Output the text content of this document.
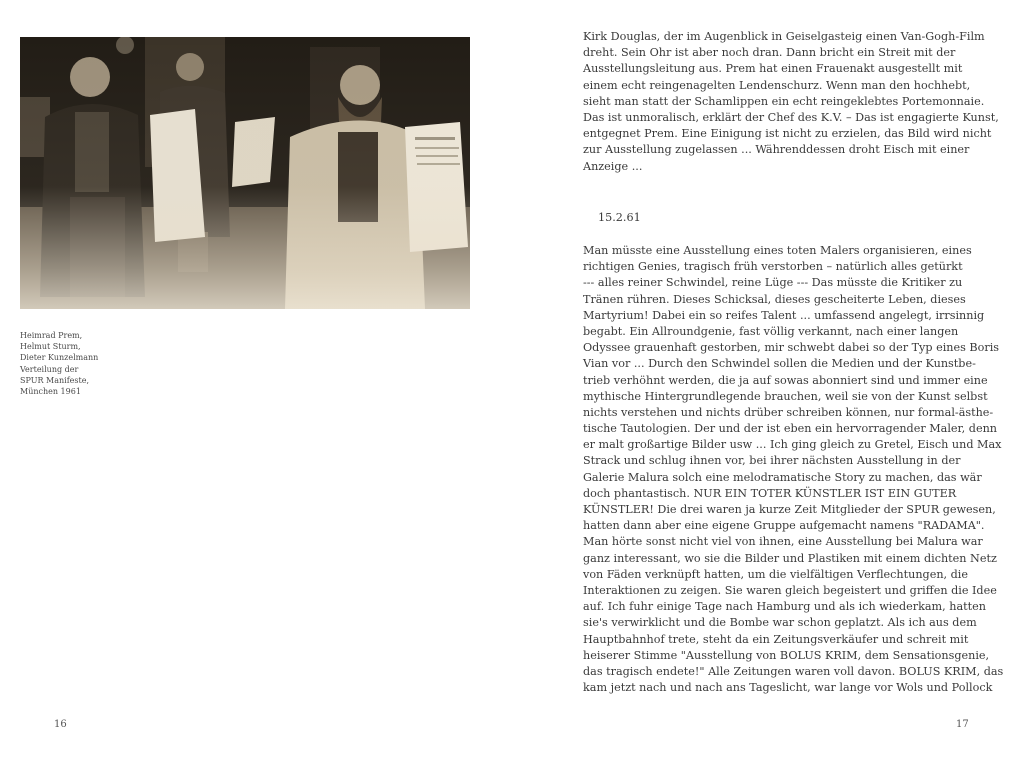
Heimrad Prem,
Helmut Sturm,
Dieter Kunzelmann
Verteilung der
SPUR Manifeste,
München 1961
16
Kirk Douglas, der im Augenblick in Geiselgasteig einen Van-Gogh-Film
dreht. Sein Ohr ist aber noch dran. Dann bricht ein Streit mit der
Ausstellungsleitung aus. Prem hat einen Frauenakt ausgestellt mit
einem echt reingenagelten Lendenschurz. Wenn man den hochhebt,
sieht man statt der Schamlippen ein echt reingeklebtes Portemonnaie.
Das ist unmoralisch, erklärt der Chef des K.V. – Das ist engagierte Kunst,
entgegnet Prem. Eine Einigung ist nicht zu erzielen, das Bild wird nicht
zur Ausstellung zugelassen ... Währenddessen droht Eisch mit einer
Anzeige ...
15.2.61
Man müsste eine Ausstellung eines toten Malers organisieren, eines
richtigen Genies, tragisch früh verstorben – natürlich alles getürkt
--- alles reiner Schwindel, reine Lüge --- Das müsste die Kritiker zu
Tränen rühren. Dieses Schicksal, dieses gescheiterte Leben, dieses
Martyrium! Dabei ein so reifes Talent ... umfassend angelegt, irrsinnig
begabt. Ein Allroundgenie, fast völlig verkannt, nach einer langen
Odyssee grauenhaft gestorben, mir schwebt dabei so der Typ eines Boris
Vian vor ... Durch den Schwindel sollen die Medien und der Kunstbe-
trieb verhöhnt werden, die ja auf sowas abonniert sind und immer eine
mythische Hintergrundlegende brauchen, weil sie von der Kunst selbst
nichts verstehen und nichts drüber schreiben können, nur formal-ästhe-
tische Tautologien. Der und der ist eben ein hervorragender Maler, denn
er malt großartige Bilder usw ... Ich ging gleich zu Gretel, Eisch und Max
Strack und schlug ihnen vor, bei ihrer nächsten Ausstellung in der
Galerie Malura solch eine melodramatische Story zu machen, das wär
doch phantastisch. NUR EIN TOTER KÜNSTLER IST EIN GUTER
KÜNSTLER! Die drei waren ja kurze Zeit Mitglieder der SPUR gewesen,
hatten dann aber eine eigene Gruppe aufgemacht namens "RADAMA".
Man hörte sonst nicht viel von ihnen, eine Ausstellung bei Malura war
ganz interessant, wo sie die Bilder und Plastiken mit einem dichten Netz
von Fäden verknüpft hatten, um die vielfältigen Verflechtungen, die
Interaktionen zu zeigen. Sie waren gleich begeistert und griffen die Idee
auf. Ich fuhr einige Tage nach Hamburg und als ich wiederkam, hatten
sie's verwirklicht und die Bombe war schon geplatzt. Als ich aus dem
Hauptbahnhof trete, steht da ein Zeitungsverkäufer und schreit mit
heiserer Stimme "Ausstellung von BOLUS KRIM, dem Sensationsgenie,
das tragisch endete!" Alle Zeitungen waren voll davon. BOLUS KRIM, das
kam jetzt nach und nach ans Tageslicht, war lange vor Wols und Pollock
17
